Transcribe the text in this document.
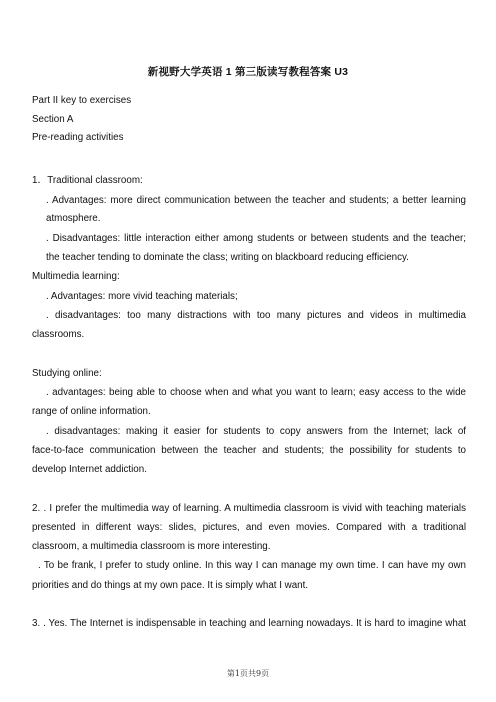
新视野大学英语 1 第三版读写教程答案 U3
Part II key to exercises
Section A
Pre-reading activities
1．Traditional classroom:
. Advantages: more direct communication between the teacher and students; a better learning
atmosphere.
. Disadvantages: little interaction either among students or between students and the teacher;
the teacher tending to dominate the class; writing on blackboard reducing efficiency.
Multimedia learning:
. Advantages: more vivid teaching materials;
. disadvantages: too many distractions with too many pictures and videos in multimedia
classrooms.
Studying online:
. advantages: being able to choose when and what you want to learn; easy access to the wide
range of online information.
. disadvantages: making it easier for students to copy answers from the Internet; lack of
face-to-face communication between the teacher and students; the possibility for students to
develop Internet addiction.
2. . I prefer the multimedia way of learning. A multimedia classroom is vivid with teaching materials
presented in different ways: slides, pictures, and even movies. Compared with a traditional
classroom, a multimedia classroom is more interesting.
. To be frank, I prefer to study online. In this way I can manage my own time. I can have my own
priorities and do things at my own pace. It is simply what I want.
3. . Yes. The Internet is indispensable in teaching and learning nowadays. It is hard to imagine what
第1页共9页
